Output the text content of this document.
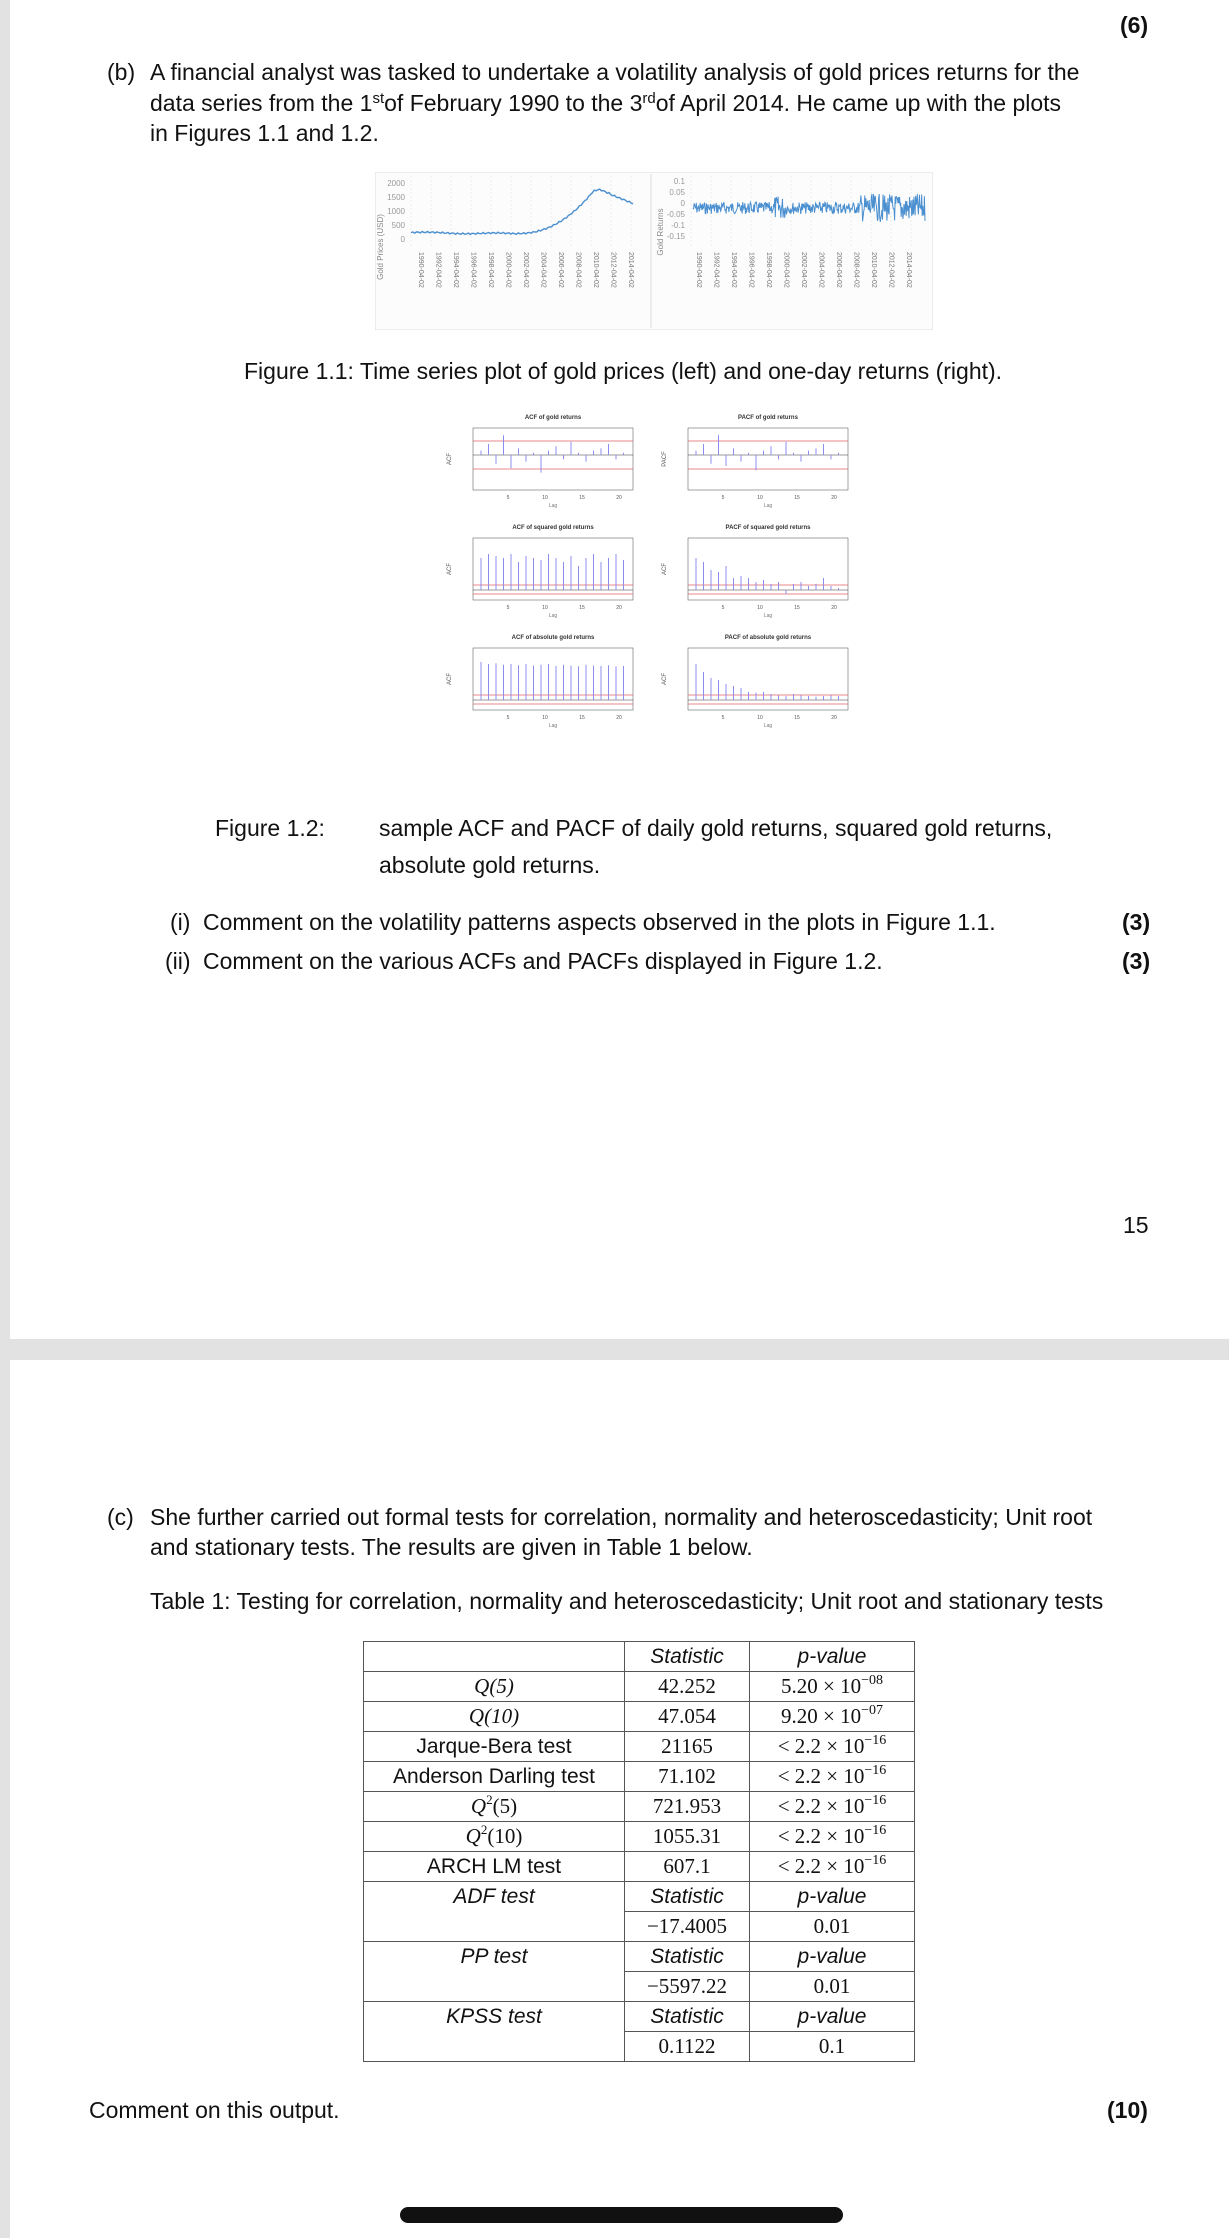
(6)
(b) A financial analyst was tasked to undertake a volatility analysis of gold prices returns for the
data series from the 1stof February 1990 to the 3rdof April 2014. He came up with the plots
in Figures 1.1 and 1.2.
Gold Prices (USD)
2000
1500
1000
500
0
1990-04-02 1992-04-02 1994-04-02 1996-04-02 1998-04-02 2000-04-02 2002-04-02 2004-04-02 2006-04-02 2008-04-02 2010-04-02 2012-04-02 2014-04-02
Gold Returns
0.1
0.05
0
-0.05
-0.1
-0.15
1990-04-02 1992-04-02 1994-04-02 1996-04-02 1998-04-02 2000-04-02 2002-04-02 2004-04-02 2006-04-02 2008-04-02 2010-04-02 2012-04-02 2014-04-02
Figure 1.1: Time series plot of gold prices (left) and one-day returns (right).
ACF of gold returns
ACF
5	10	15	20
Lag
PACF of gold returns
PACF
5	10	15	20
Lag
ACF of squared gold returns
ACF
5	10	15	20
Lag
PACF of squared gold returns
ACF
5	10	15	20
Lag
ACF of absolute gold returns
ACF
5	10	15	20
Lag
PACF of absolute gold returns
ACF
5	10	15	20
Lag
Figure 1.2: sample ACF and PACF of daily gold returns, squared gold returns,
absolute gold returns.
(i) Comment on the volatility patterns aspects observed in the plots in Figure 1.1.	(3)
(ii) Comment on the various ACFs and PACFs displayed in Figure 1.2.	(3)
15
(c) She further carried out formal tests for correlation, normality and heteroscedasticity; Unit root
and stationary tests. The results are given in Table 1 below.
Table 1: Testing for correlation, normality and heteroscedasticity; Unit root and stationary tests
	Statistic	p-value
Q(5)	42.252	$5.20 \times 10^{-08}$
Q(10)	47.054	$9.20 \times 10^{-07}$
Jarque-Bera test	21165	< $2.2 \times 10^{-16}$
Anderson Darling test	71.102	< $2.2 \times 10^{-16}$
$Q^2(5)$	721.953	< $2.2 \times 10^{-16}$
$Q^2(10)$	1055.31	< $2.2 \times 10^{-16}$
ARCH LM test	607.1	< $2.2 \times 10^{-16}$
ADF test	Statistic	p-value
	−17.4005	0.01
PP test	Statistic	p-value
	−5597.22	0.01
KPSS test	Statistic	p-value
	0.1122	0.1
Comment on this output.	(10)
